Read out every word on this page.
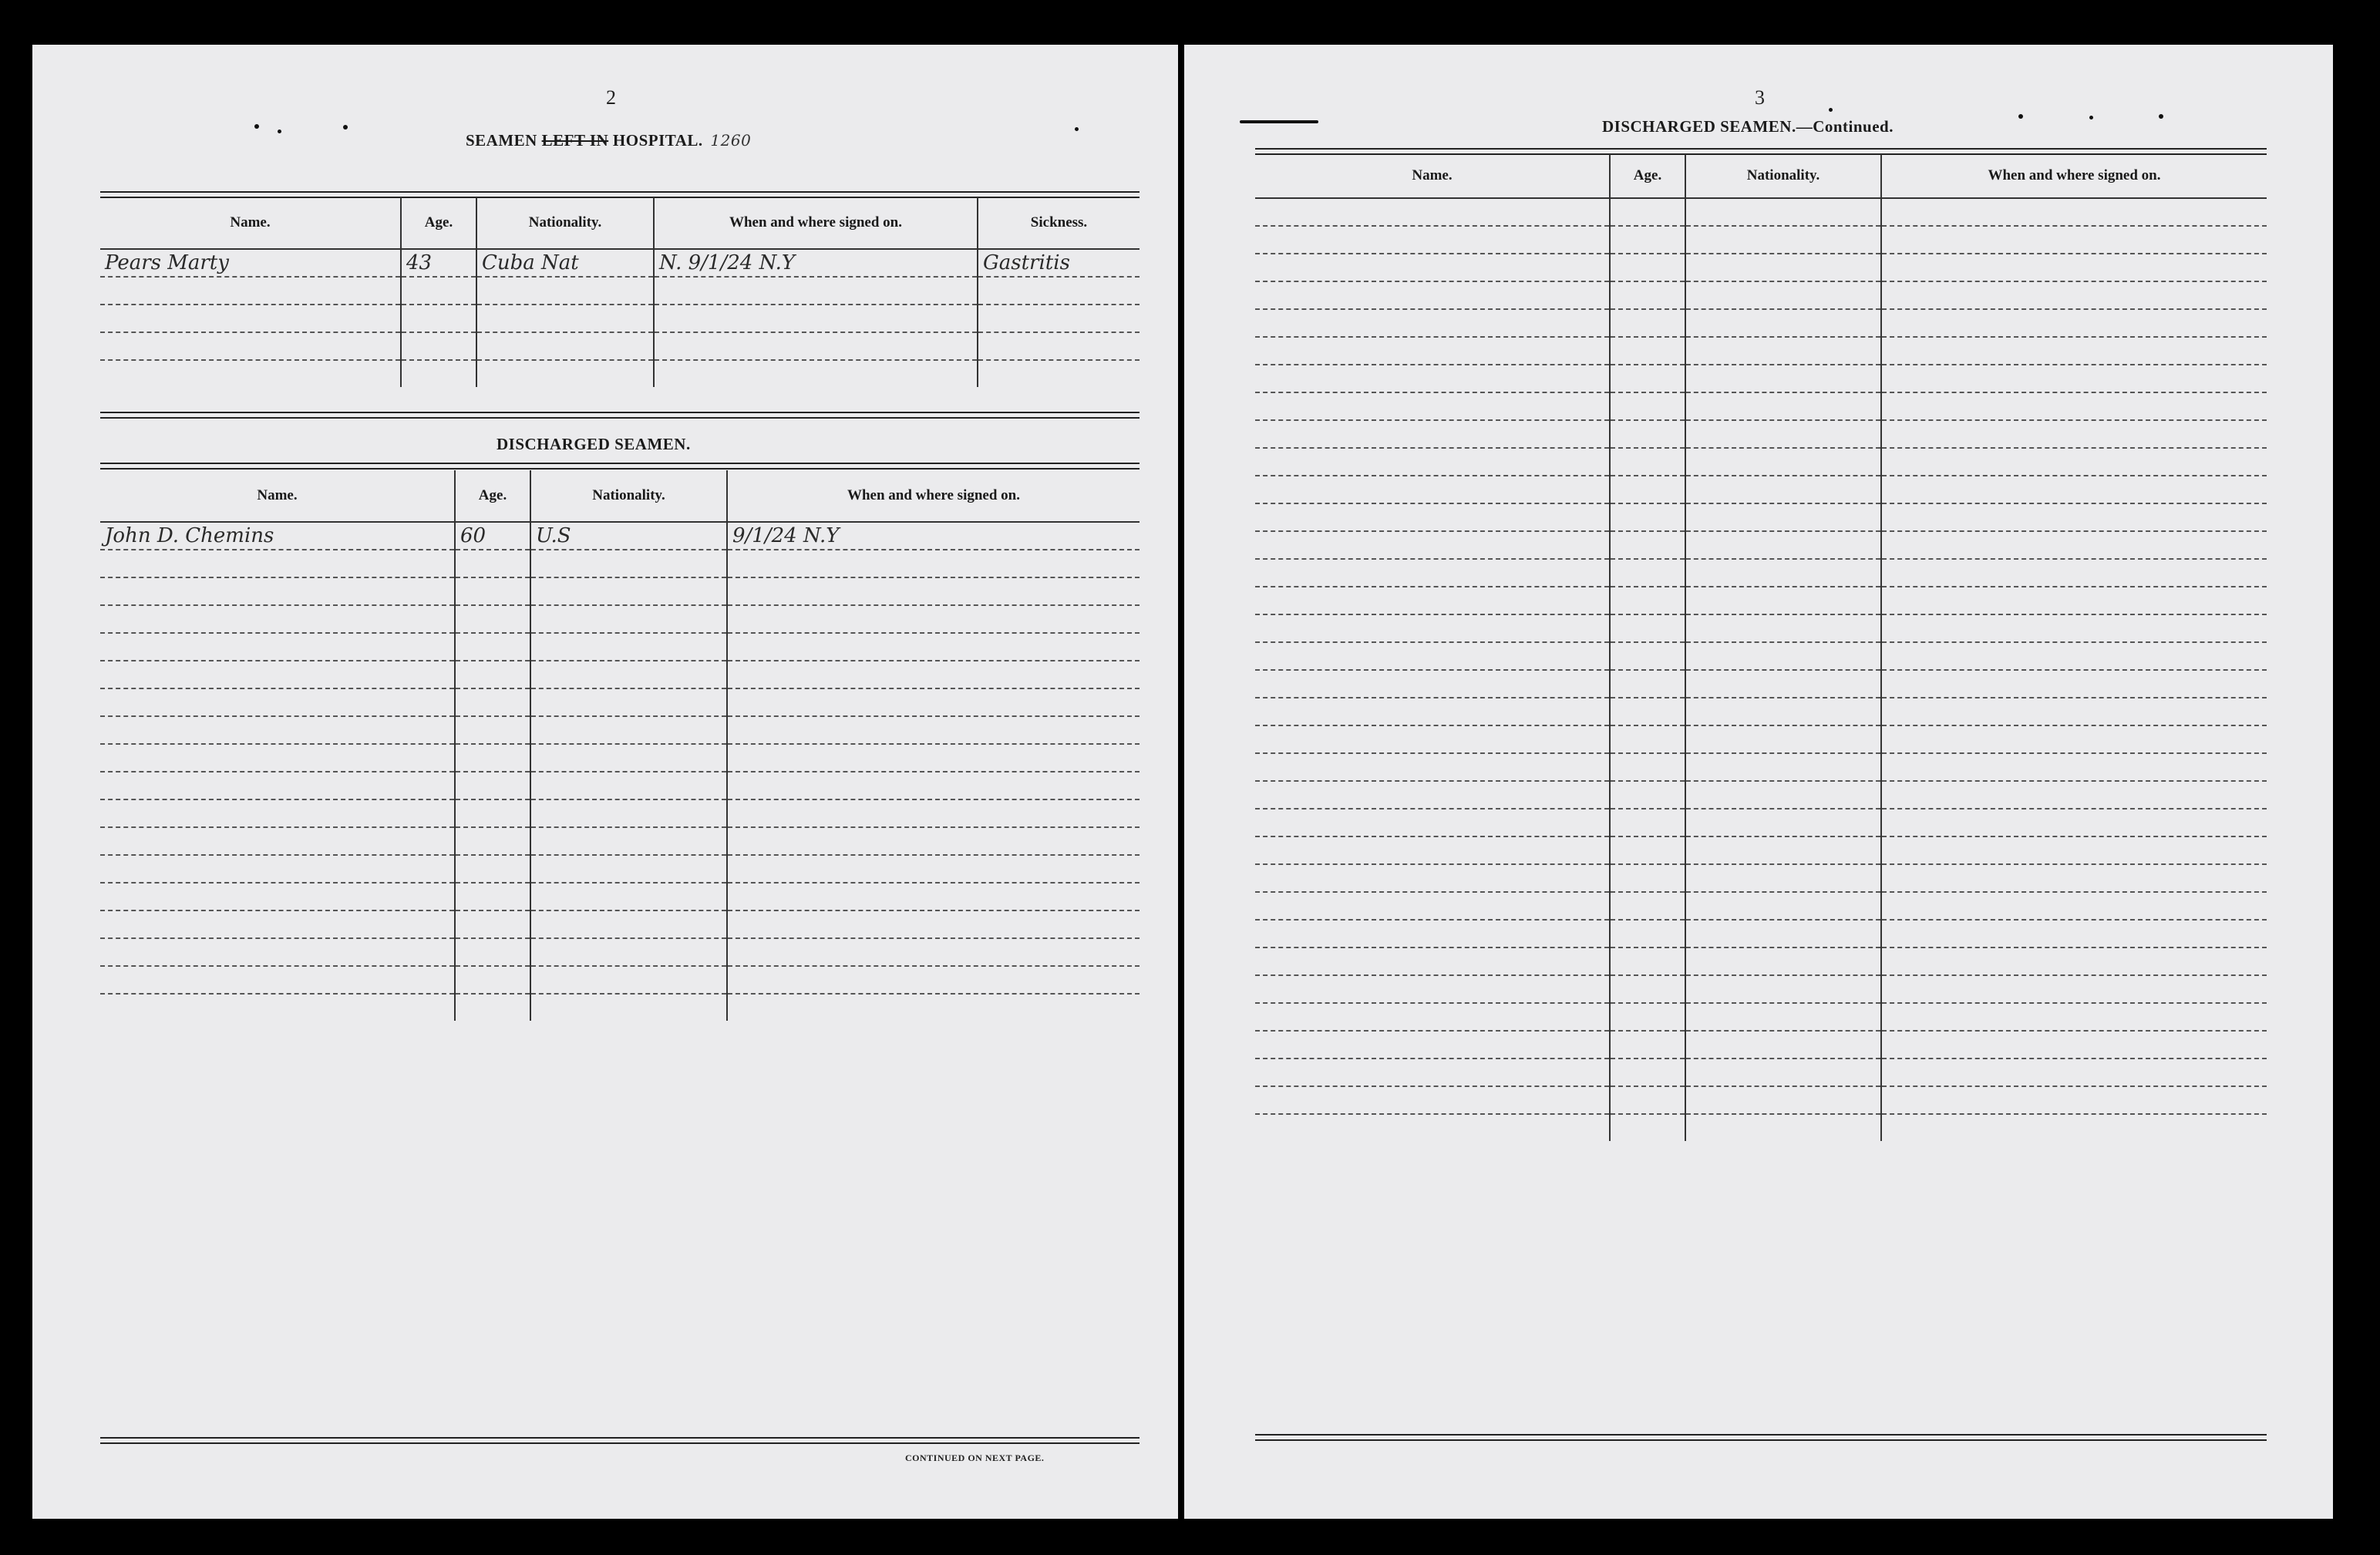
2
SEAMEN LEFT IN HOSPITAL. 1260
Name.	Age.	Nationality.	When and where signed on.	Sickness.
Pears Marty	43	Cuba Nat	N. 9/1/24 N.Y	Gastritis

DISCHARGED SEAMEN.
Name.	Age.	Nationality.	When and where signed on.
John D. Chemins	60	U.S	9/1/24 N.Y

CONTINUED ON NEXT PAGE.
3
DISCHARGED SEAMEN.—Continued.
Name.	Age.	Nationality.	When and where signed on.
